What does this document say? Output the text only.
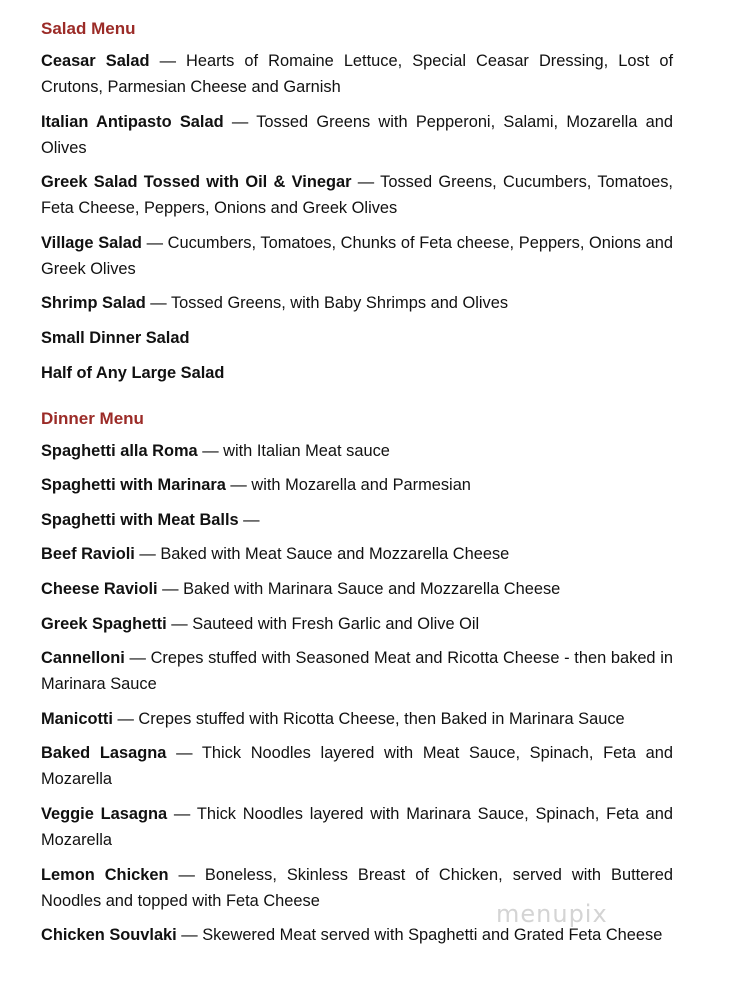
Salad Menu

Ceasar Salad — Hearts of Romaine Lettuce, Special Ceasar Dressing, Lost of Crutons, Parmesian Cheese and Garnish

Italian Antipasto Salad — Tossed Greens with Pepperoni, Salami, Mozarella and Olives

Greek Salad Tossed with Oil & Vinegar — Tossed Greens, Cucumbers, Tomatoes, Feta Cheese, Peppers, Onions and Greek Olives

Village Salad — Cucumbers, Tomatoes, Chunks of Feta cheese, Peppers, Onions and Greek Olives

Shrimp Salad — Tossed Greens, with Baby Shrimps and Olives

Small Dinner Salad

Half of Any Large Salad

Dinner Menu

Spaghetti alla Roma — with Italian Meat sauce

Spaghetti with Marinara — with Mozarella and Parmesian

Spaghetti with Meat Balls —

Beef Ravioli — Baked with Meat Sauce and Mozzarella Cheese

Cheese Ravioli — Baked with Marinara Sauce and Mozzarella Cheese

Greek Spaghetti — Sauteed with Fresh Garlic and Olive Oil

Cannelloni — Crepes stuffed with Seasoned Meat and Ricotta Cheese - then baked in Marinara Sauce

Manicotti — Crepes stuffed with Ricotta Cheese, then Baked in Marinara Sauce

Baked Lasagna — Thick Noodles layered with Meat Sauce, Spinach, Feta and Mozarella

Veggie Lasagna — Thick Noodles layered with Marinara Sauce, Spinach, Feta and Mozarella

Lemon Chicken — Boneless, Skinless Breast of Chicken, served with Buttered Noodles and topped with Feta Cheese

Chicken Souvlaki — Skewered Meat served with Spaghetti and Grated Feta Cheese

menupix
